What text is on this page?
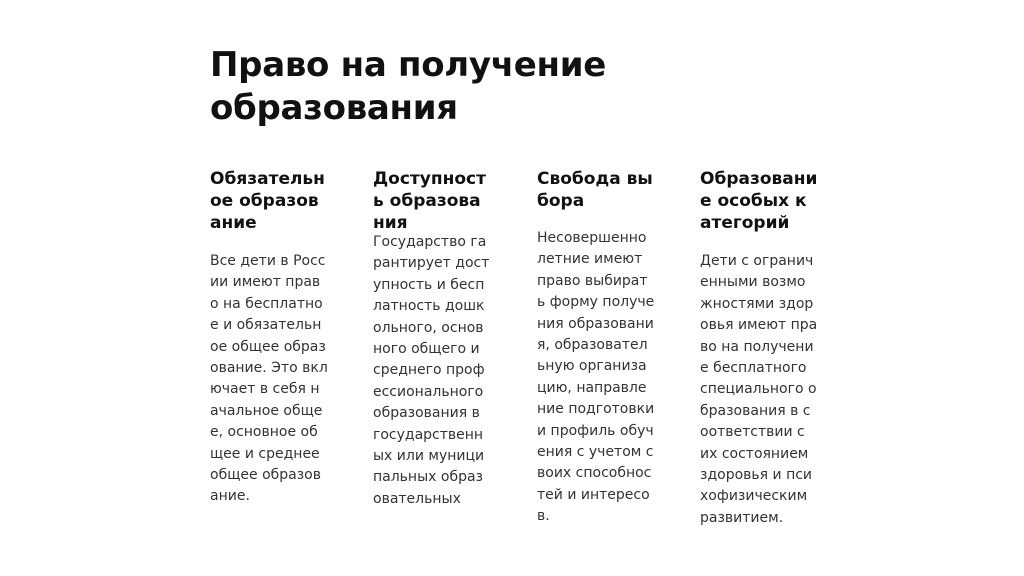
Право на получение образования
Обязательное образование

Все дети в России имеют право на бесплатное и обязательное общее образование. Это включает в себя начальное общее, основное общее и среднее общее образование.

Доступность образования

Государство гарантирует доступность и бесплатность дошкольного, основного общего и среднего профессионального образования в государственных или муниципальных образовательных

Свобода выбора

Несовершеннолетние имеют право выбирать форму получения образования, образовательную организацию, направление подготовки и профиль обучения с учетом своих способностей и интересов.

Образование особых категорий

Дети с ограниченными возможностями здоровья имеют право на получение бесплатного специального образования в соответствии с их состоянием здоровья и психофизическим развитием.
